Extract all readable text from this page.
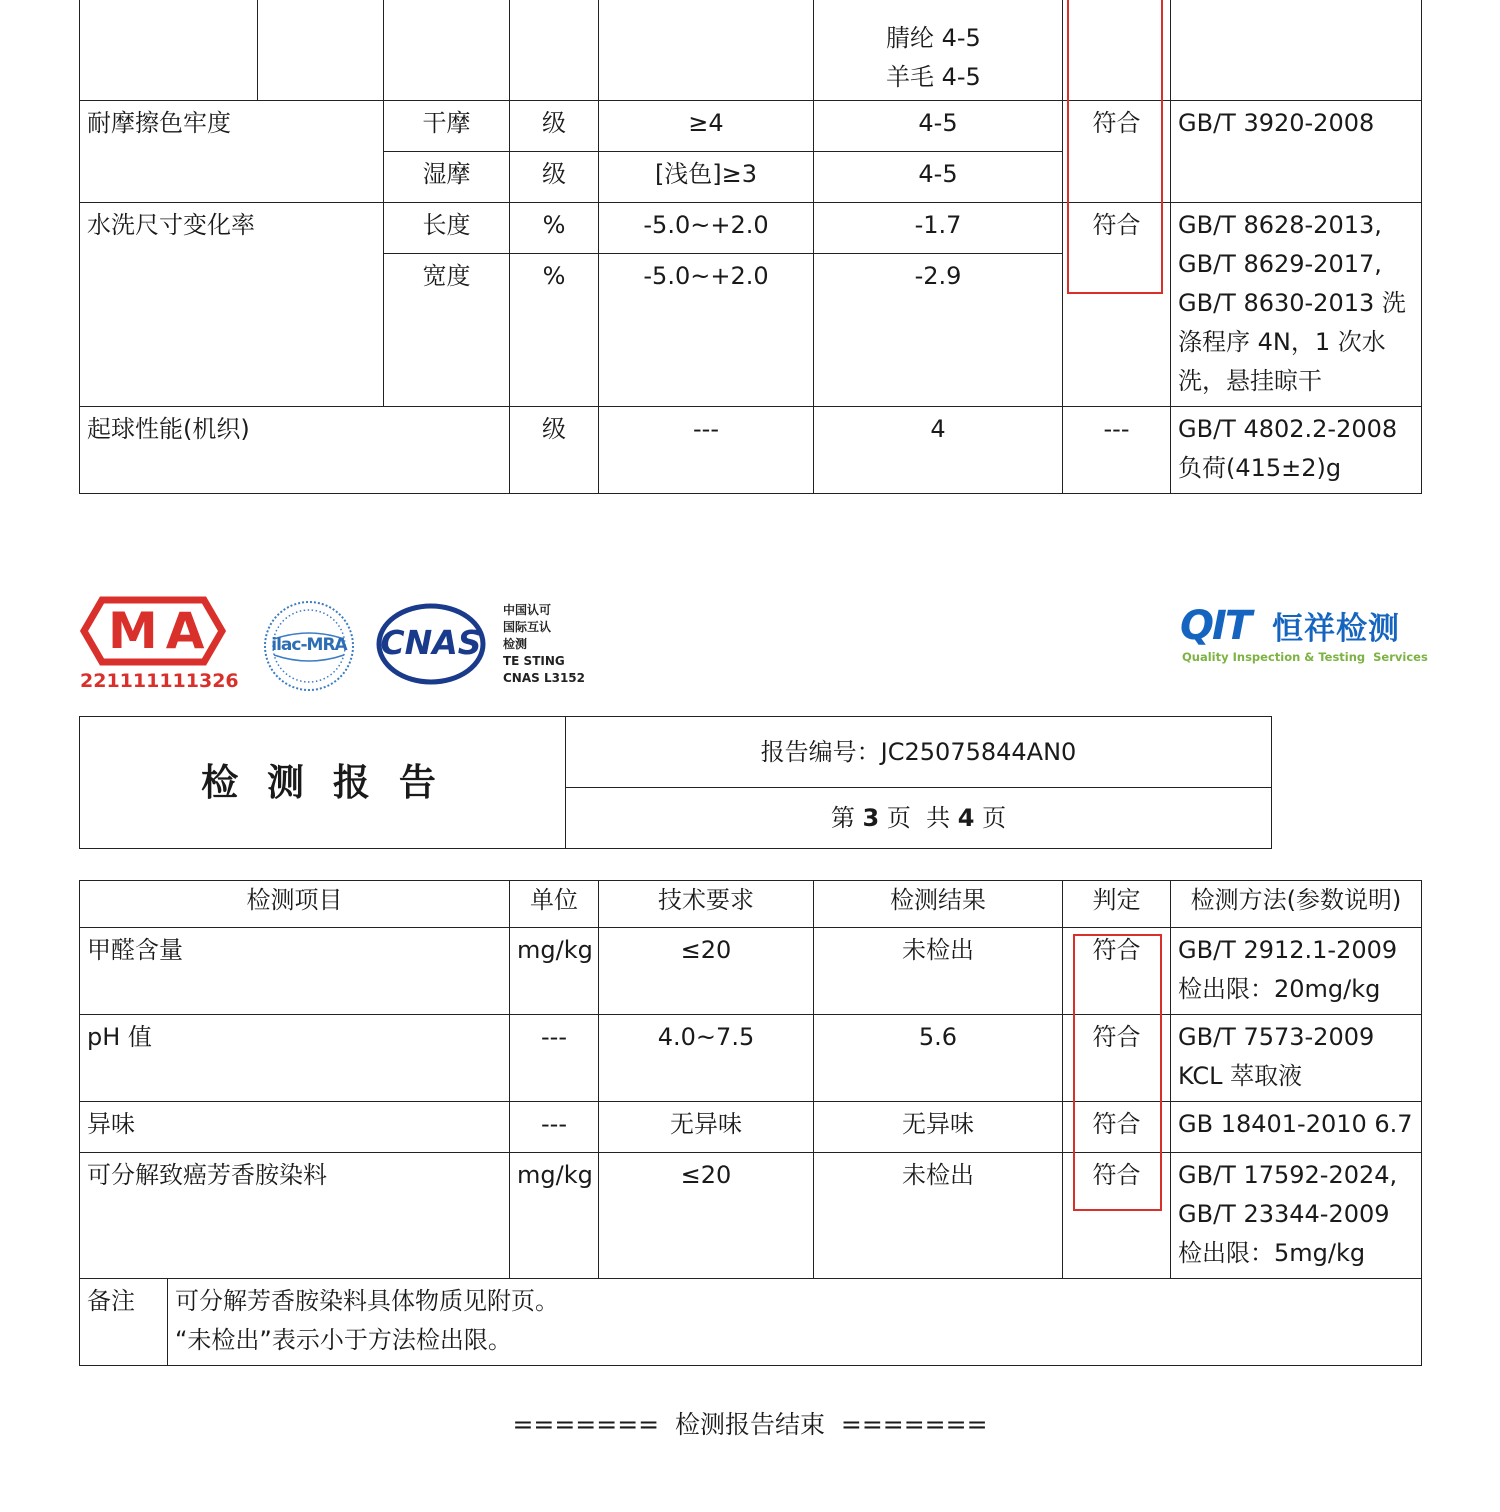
					腈纶 4-5
羊毛 4-5		

耐摩擦色牢度		干摩	级	≥4	4-5	符合	GB/T 3920-2008
		湿摩	级	[浅色]≥3	4-5		
水洗尺寸变化率		长度	%	-5.0~+2.0	-1.7	符合	GB/T 8628-2013,
GB/T 8629-2017,
GB/T 8630-2013 洗
涤程序 4N，1 次水
洗，悬挂晾干

		宽度	%	-5.0~+2.0	-2.9		
起球性能(机织)			级	---	4	---	GB/T 4802.2-2008
负荷(415±2)g
MA
221111111326
ilac-MRA CNAS
中国认可
国际互认
检测
TE STING
CNAS L3152
QIT 恒祥检测
Quality Inspection & Testing  Services
检 测 报 告	报告编号：JC25075844AN0
第 3 页  共 4 页
检测项目		单位	技术要求	检测结果	判定	检测方法(参数说明)
甲醛含量		mg/kg	≤20	未检出	符合	GB/T 2912.1-2009
检出限：20mg/kg

pH 值		---	4.0~7.5	5.6	符合	GB/T 7573-2009
KCL 萃取液

异味		---	无异味	无异味	符合	GB 18401-2010 6.7

可分解致癌芳香胺染料		mg/kg	≤20	未检出	符合	GB/T 17592-2024,
GB/T 23344-2009
检出限：5mg/kg

备注	可分解芳香胺染料具体物质见附页。
“未检出”表示小于方法检出限。					
=======  检测报告结束  =======
